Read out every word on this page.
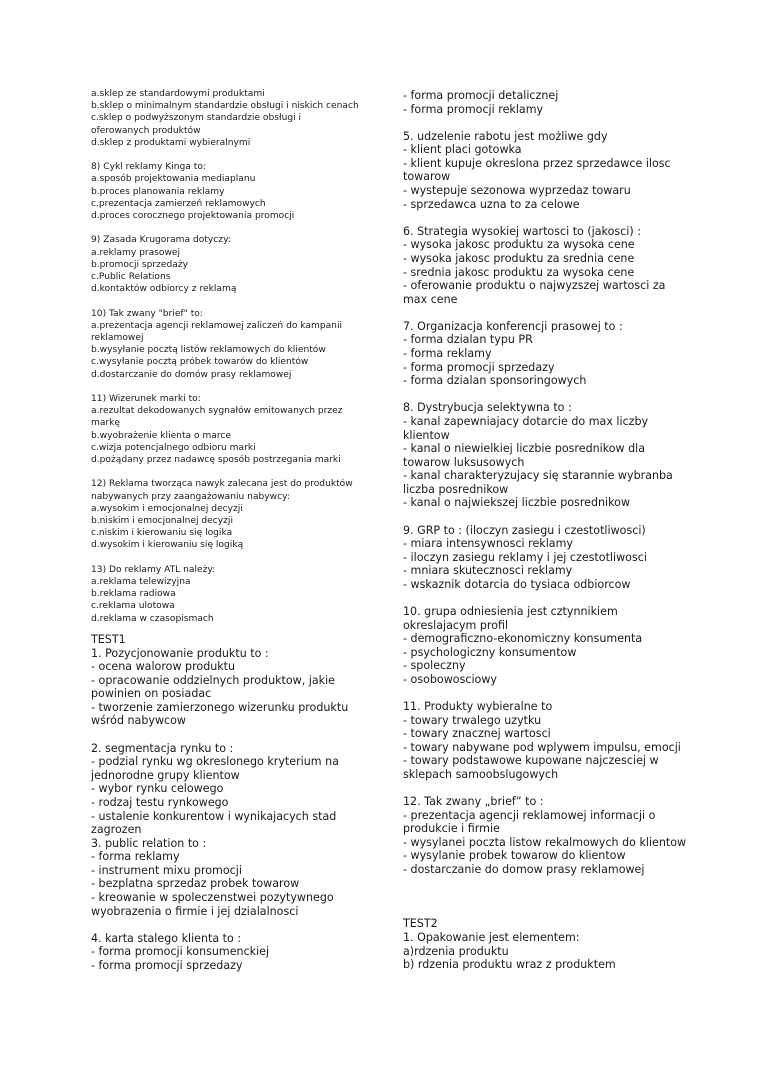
a.sklep ze standardowymi produktami
b.sklep o minimalnym standardzie obsługi i niskich cenach
c.sklep o podwyższonym standardzie obsługi i
oferowanych produktów
d.sklep z produktami wybieralnymi
8) Cykl reklamy Kinga to:
a.sposób projektowania mediaplanu
b.proces planowania reklamy
c.prezentacja zamierzeń reklamowych
d.proces corocznego projektowania promocji
9) Zasada Krugorama dotyczy:
a.reklamy prasowej
b.promocji sprzedaży
c.Public Relations
d.kontaktów odbiorcy z reklamą
10) Tak zwany "brief" to:
a.prezentacja agencji reklamowej zaliczeń do kampanii
reklamowej
b.wysyłanie pocztą listów reklamowych do klientów
c.wysyłanie pocztą próbek towarów do klientów
d.dostarczanie do domów prasy reklamowej
11) Wizerunek marki to:
a.rezultat dekodowanych sygnałów emitowanych przez
markę
b.wyobrażenie klienta o marce
c.wizja potencjalnego odbioru marki
d.pożądany przez nadawcę sposób postrzegania marki
12) Reklama tworząca nawyk zalecana jest do produktów
nabywanych przy zaangażowaniu nabywcy:
a.wysokim i emocjonalnej decyzji
b.niskim i emocjonalnej decyzji
c.niskim i kierowaniu się logika
d.wysokim i kierowaniu się logiką
13) Do reklamy ATL należy:
a.reklama telewizyjna
b.reklama radiowa
c.reklama ulotowa
d.reklama w czasopismach
TEST1
1. Pozycjonowanie produktu to :
- ocena walorow produktu
- opracowanie oddzielnych produktow, jakie
powinien on posiadac
- tworzenie zamierzonego wizerunku produktu
wśród nabywcow
2. segmentacja rynku to :
- podzial rynku wg okreslonego kryterium na
jednorodne grupy klientow
- wybor rynku celowego
- rodzaj testu rynkowego
- ustalenie konkurentow i wynikajacych stad
zagrozen
3. public relation to :
- forma reklamy
- instrument mixu promocji
- bezplatna sprzedaz probek towarow
- kreowanie w spoleczenstwei pozytywnego
wyobrazenia o firmie i jej dzialalnosci
4. karta stalego klienta to :
- forma promocji konsumenckiej
- forma promocji sprzedazy
- forma promocji detalicznej
- forma promocji reklamy
5. udzelenie rabotu jest możliwe gdy
- klient placi gotowka
- klient kupuje okreslona przez sprzedawce ilosc
towarow
- wystepuje sezonowa wyprzedaz towaru
- sprzedawca uzna to za celowe
6. Strategia wysokiej wartosci to (jakosci) :
- wysoka jakosc produktu za wysoka cene
- wysoka jakosc produktu za srednia cene
- srednia jakosc produktu za wysoka cene
- oferowanie produktu o najwyzszej wartosci za
max cene
7. Organizacja konferencji prasowej to :
- forma dzialan typu PR
- forma reklamy
- forma promocji sprzedazy
- forma dzialan sponsoringowych
8. Dystrybucja selektywna to :
- kanal zapewniajacy dotarcie do max liczby
klientow
- kanal o niewielkiej liczbie posrednikow dla
towarow luksusowych
- kanal charakteryzujacy się starannie wybranba
liczba posrednikow
- kanal o najwiekszej liczbie posrednikow
9. GRP to : (iloczyn zasiegu i czestotliwosci)
- miara intensywnosci reklamy
- iloczyn zasiegu reklamy i jej czestotliwosci
- mniara skutecznosci reklamy
- wskaznik dotarcia do tysiaca odbiorcow
10. grupa odniesienia jest cztynnikiem
okreslajacym profil
- demograficzno-ekonomiczny konsumenta
- psychologiczny konsumentow
- spoleczny
- osobowosciowy
11. Produkty wybieralne to
- towary trwalego uzytku
- towary znacznej wartosci
- towary nabywane pod wplywem impulsu, emocji
- towary podstawowe kupowane najczesciej w
sklepach samoobslugowych
12. Tak zwany „brief” to :
- prezentacja agencji reklamowej informacji o
produkcie i firmie
- wysylanei poczta listow rekalmowych do klientow
- wysylanie probek towarow do klientow
- dostarczanie do domow prasy reklamowej
TEST2
1. Opakowanie jest elementem:
a)rdzenia produktu
b) rdzenia produktu wraz z produktem
